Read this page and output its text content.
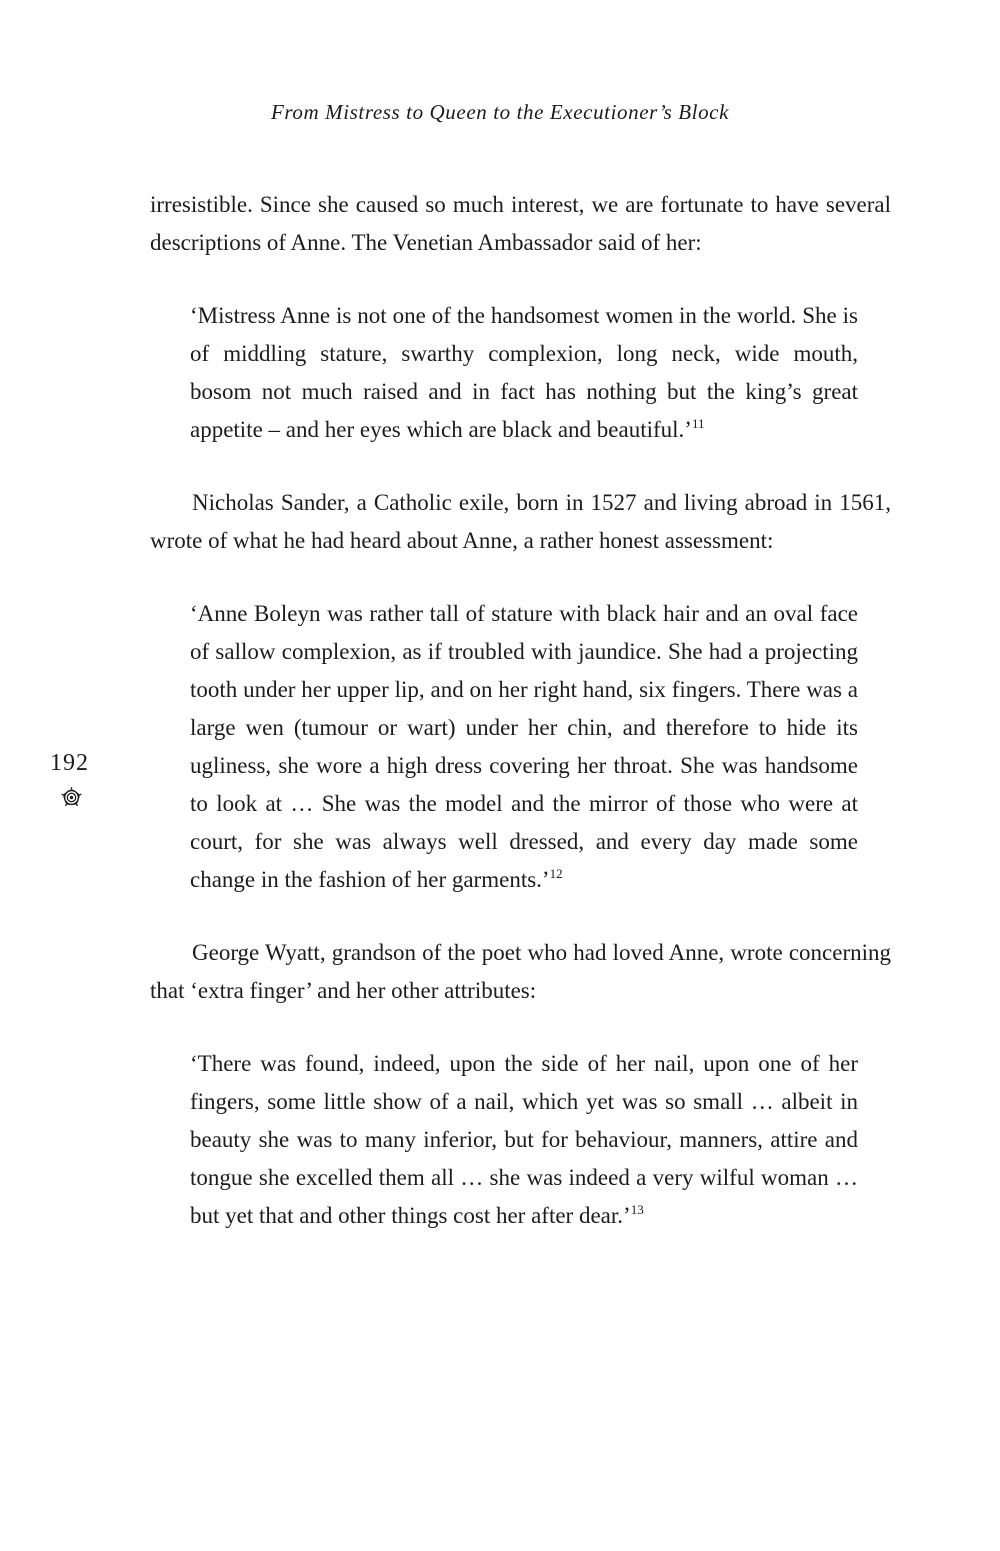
From Mistress to Queen to the Executioner’s Block
192

irresistible. Since she caused so much interest, we are fortunate to have several descriptions of Anne. The Venetian Ambassador said of her:

‘Mistress Anne is not one of the handsomest women in the world. She is of middling stature, swarthy complexion, long neck, wide mouth, bosom not much raised and in fact has nothing but the king’s great appetite – and her eyes which are black and beautiful.’$^{11}$

Nicholas Sander, a Catholic exile, born in 1527 and living abroad in 1561, wrote of what he had heard about Anne, a rather honest assessment:

‘Anne Boleyn was rather tall of stature with black hair and an oval face of sallow complexion, as if troubled with jaundice. She had a projecting tooth under her upper lip, and on her right hand, six fingers. There was a large wen (tumour or wart) under her chin, and therefore to hide its ugliness, she wore a high dress covering her throat. She was handsome to look at … She was the model and the mirror of those who were at court, for she was always well dressed, and every day made some change in the fashion of her garments.’$^{12}$

George Wyatt, grandson of the poet who had loved Anne, wrote concerning that ‘extra finger’ and her other attributes:

‘There was found, indeed, upon the side of her nail, upon one of her fingers, some little show of a nail, which yet was so small … albeit in beauty she was to many inferior, but for behaviour, manners, attire and tongue she excelled them all … she was indeed a very wilful woman … but yet that and other things cost her after dear.’$^{13}$
